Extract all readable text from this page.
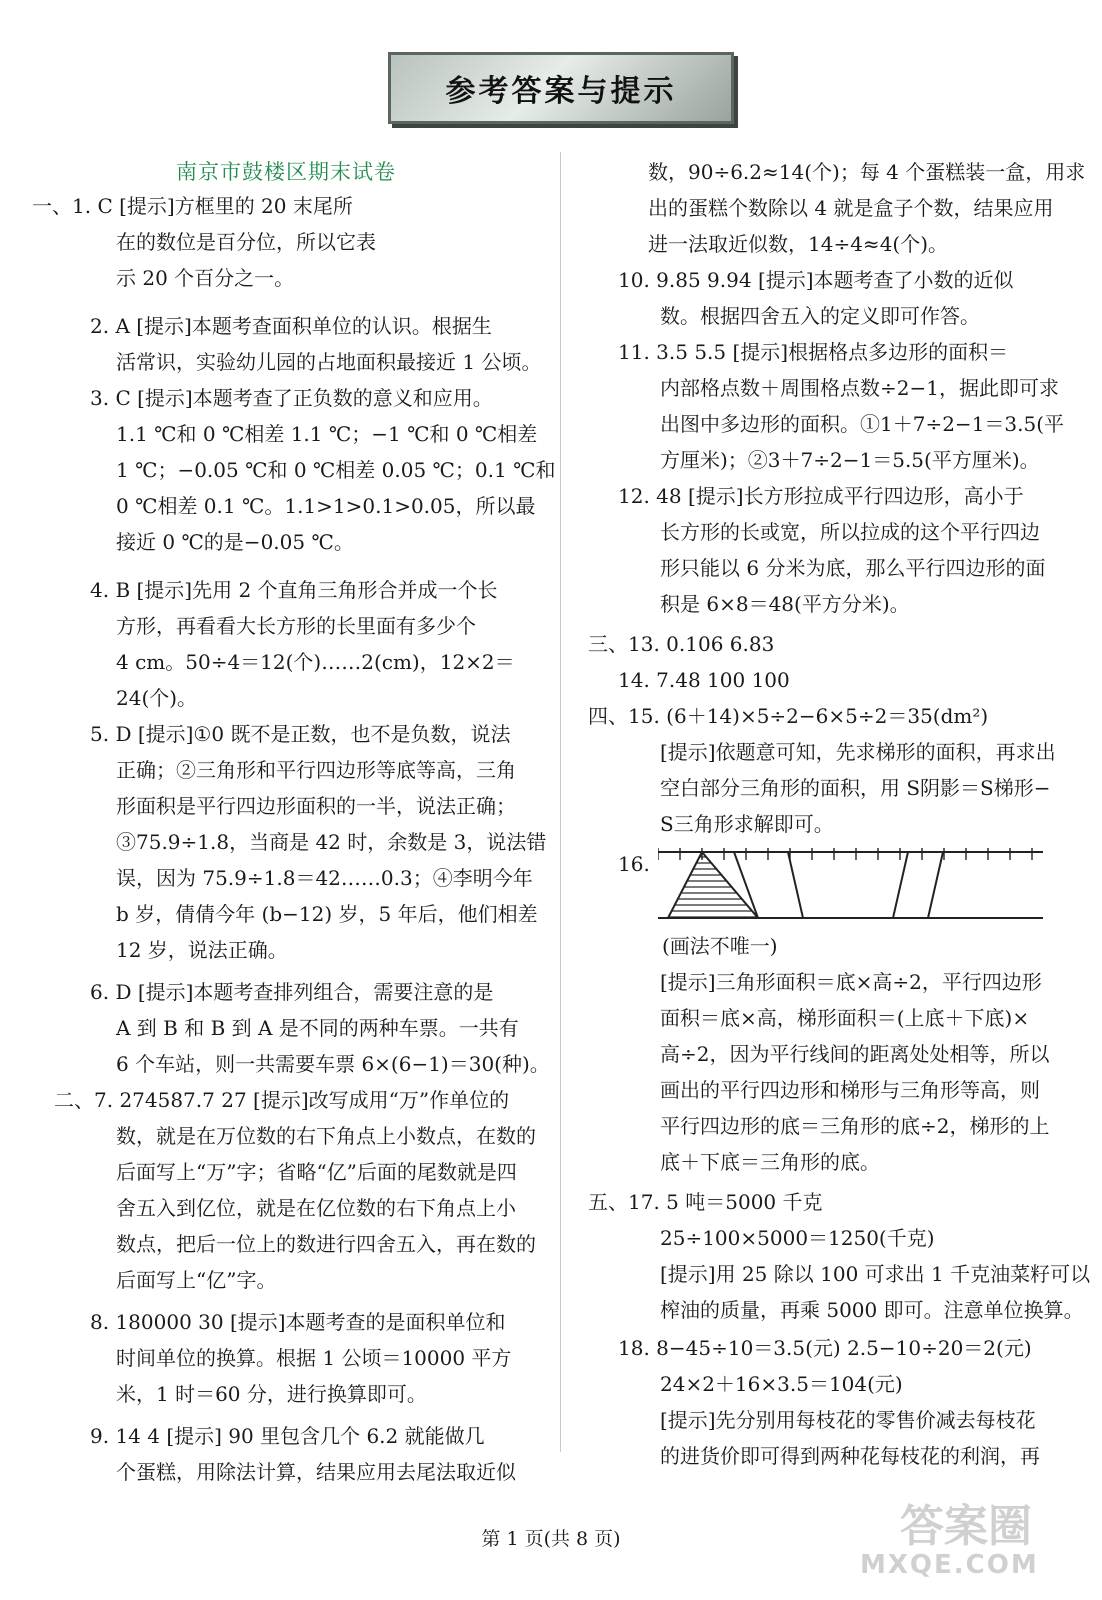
参考答案与提示
南京市鼓楼区期末试卷
第 1 页(共 8 页)	答案圈
MXQE.COM
一、1. C [提示]方框里的 20 末尾所
在的数位是百分位，所以它表
示 20 个百分之一。
2. A [提示]本题考查面积单位的认识。根据生
活常识，实验幼儿园的占地面积最接近 1 公顷。
3. C [提示]本题考查了正负数的意义和应用。
1.1 ℃和 0 ℃相差 1.1 ℃；−1 ℃和 0 ℃相差
1 ℃；−0.05 ℃和 0 ℃相差 0.05 ℃；0.1 ℃和
0 ℃相差 0.1 ℃。1.1>1>0.1>0.05，所以最
接近 0 ℃的是−0.05 ℃。
4. B [提示]先用 2 个直角三角形合并成一个长
方形，再看看大长方形的长里面有多少个
4 cm。50÷4＝12(个)……2(cm)，12×2＝
24(个)。
5. D [提示]①0 既不是正数，也不是负数，说法
正确；②三角形和平行四边形等底等高，三角
形面积是平行四边形面积的一半，说法正确；
③75.9÷1.8，当商是 42 时，余数是 3，说法错
误，因为 75.9÷1.8＝42……0.3；④李明今年
b 岁，倩倩今年 (b−12) 岁，5 年后，他们相差
12 岁，说法正确。
6. D [提示]本题考查排列组合，需要注意的是
A 到 B 和 B 到 A 是不同的两种车票。一共有
6 个车站，则一共需要车票 6×(6−1)＝30(种)。
二、7. 274587.7 27 [提示]改写成用“万”作单位的
数，就是在万位数的右下角点上小数点，在数的
后面写上“万”字；省略“亿”后面的尾数就是四
舍五入到亿位，就是在亿位数的右下角点上小
数点，把后一位上的数进行四舍五入，再在数的
后面写上“亿”字。
8. 180000 30 [提示]本题考查的是面积单位和
时间单位的换算。根据 1 公顷＝10000 平方
米，1 时＝60 分，进行换算即可。
9. 14 4 [提示] 90 里包含几个 6.2 就能做几
个蛋糕，用除法计算，结果应用去尾法取近似
数，90÷6.2≈14(个)；每 4 个蛋糕装一盒，用求
出的蛋糕个数除以 4 就是盒子个数，结果应用
进一法取近似数，14÷4≈4(个)。
10. 9.85 9.94 [提示]本题考查了小数的近似
数。根据四舍五入的定义即可作答。
11. 3.5 5.5 [提示]根据格点多边形的面积＝
内部格点数＋周围格点数÷2−1，据此即可求
出图中多边形的面积。①1＋7÷2−1＝3.5(平
方厘米)；②3＋7÷2−1＝5.5(平方厘米)。
12. 48 [提示]长方形拉成平行四边形，高小于
长方形的长或宽，所以拉成的这个平行四边
形只能以 6 分米为底，那么平行四边形的面
积是 6×8＝48(平方分米)。
三、13. 0.106 6.83
14. 7.48 100 100
四、15. (6＋14)×5÷2−6×5÷2＝35(dm²)
[提示]依题意可知，先求梯形的面积，再求出
空白部分三角形的面积，用 S阴影＝S梯形−
S三角形求解即可。
16.
(画法不唯一)
[提示]三角形面积＝底×高÷2，平行四边形
面积＝底×高，梯形面积＝(上底＋下底)×
高÷2，因为平行线间的距离处处相等，所以
画出的平行四边形和梯形与三角形等高，则
平行四边形的底＝三角形的底÷2，梯形的上
底＋下底＝三角形的底。
五、17. 5 吨＝5000 千克
25÷100×5000＝1250(千克)
[提示]用 25 除以 100 可求出 1 千克油菜籽可以
榨油的质量，再乘 5000 即可。注意单位换算。
18. 8−45÷10＝3.5(元) 2.5−10÷20＝2(元)
24×2＋16×3.5＝104(元)
[提示]先分别用每枝花的零售价减去每枝花
的进货价即可得到两种花每枝花的利润，再
